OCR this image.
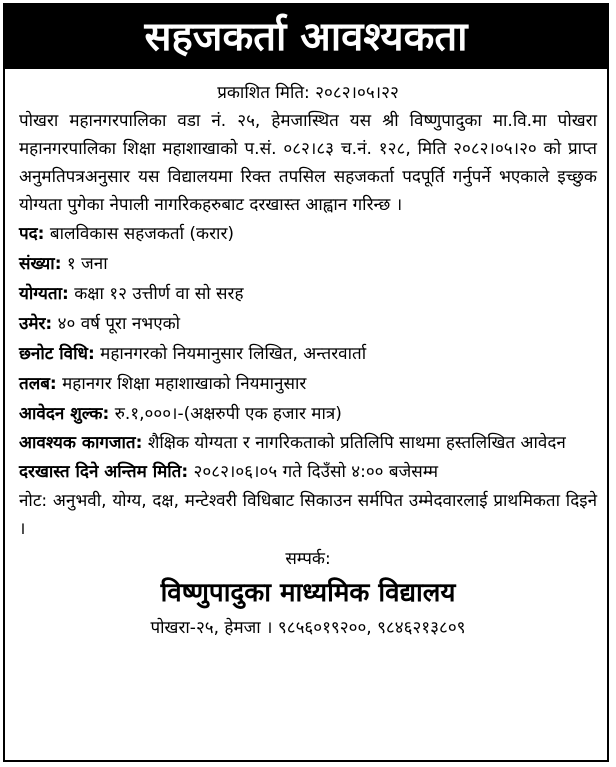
सहजकर्ता आवश्यकता
प्रकाशित मिति: २०८२।०५।२२

पोखरा महानगरपालिका वडा नं. २५, हेमजास्थित यस श्री विष्णुपादुका मा.वि.मा पोखरा महानगरपालिका शिक्षा महाशाखाको प.सं. ०८२।८३ च.नं. १२८, मिति २०८२।०५।२० को प्राप्त अनुमतिपत्रअनुसार यस विद्यालयमा रिक्त तपसिल सहजकर्ता पदपूर्ति गर्नुपर्ने भएकाले इच्छुक योग्यता पुगेका नेपाली नागरिकहरुबाट दरखास्त आह्वान गरिन्छ ।

पद: बालविकास सहजकर्ता (करार)

संख्या: १ जना

योग्यता: कक्षा १२ उत्तीर्ण वा सो सरह

उमेर: ४० वर्ष पूरा नभएको

छनोट विधि: महानगरको नियमानुसार लिखित, अन्तरवार्ता

तलब: महानगर शिक्षा महाशाखाको नियमानुसार

आवेदन शुल्क: रु.१,०००।-(अक्षरुपी एक हजार मात्र)

आवश्यक कागजात: शैक्षिक योग्यता र नागरिकताको प्रतिलिपि साथमा हस्तलिखित आवेदन

दरखास्त दिने अन्तिम मिति: २०८२।०६।०५ गते दिउँसो ४:०० बजेसम्म

नोट: अनुभवी, योग्य, दक्ष, मन्टेश्वरी विधिबाट सिकाउन सर्मपित उम्मेदवारलाई प्राथमिकता दिइने ।

सम्पर्क:
विष्णुपादुका माध्यमिक विद्यालय
पोखरा-२५, हेमजा । ९८५६०१९२००, ९८४६२१३८०९
